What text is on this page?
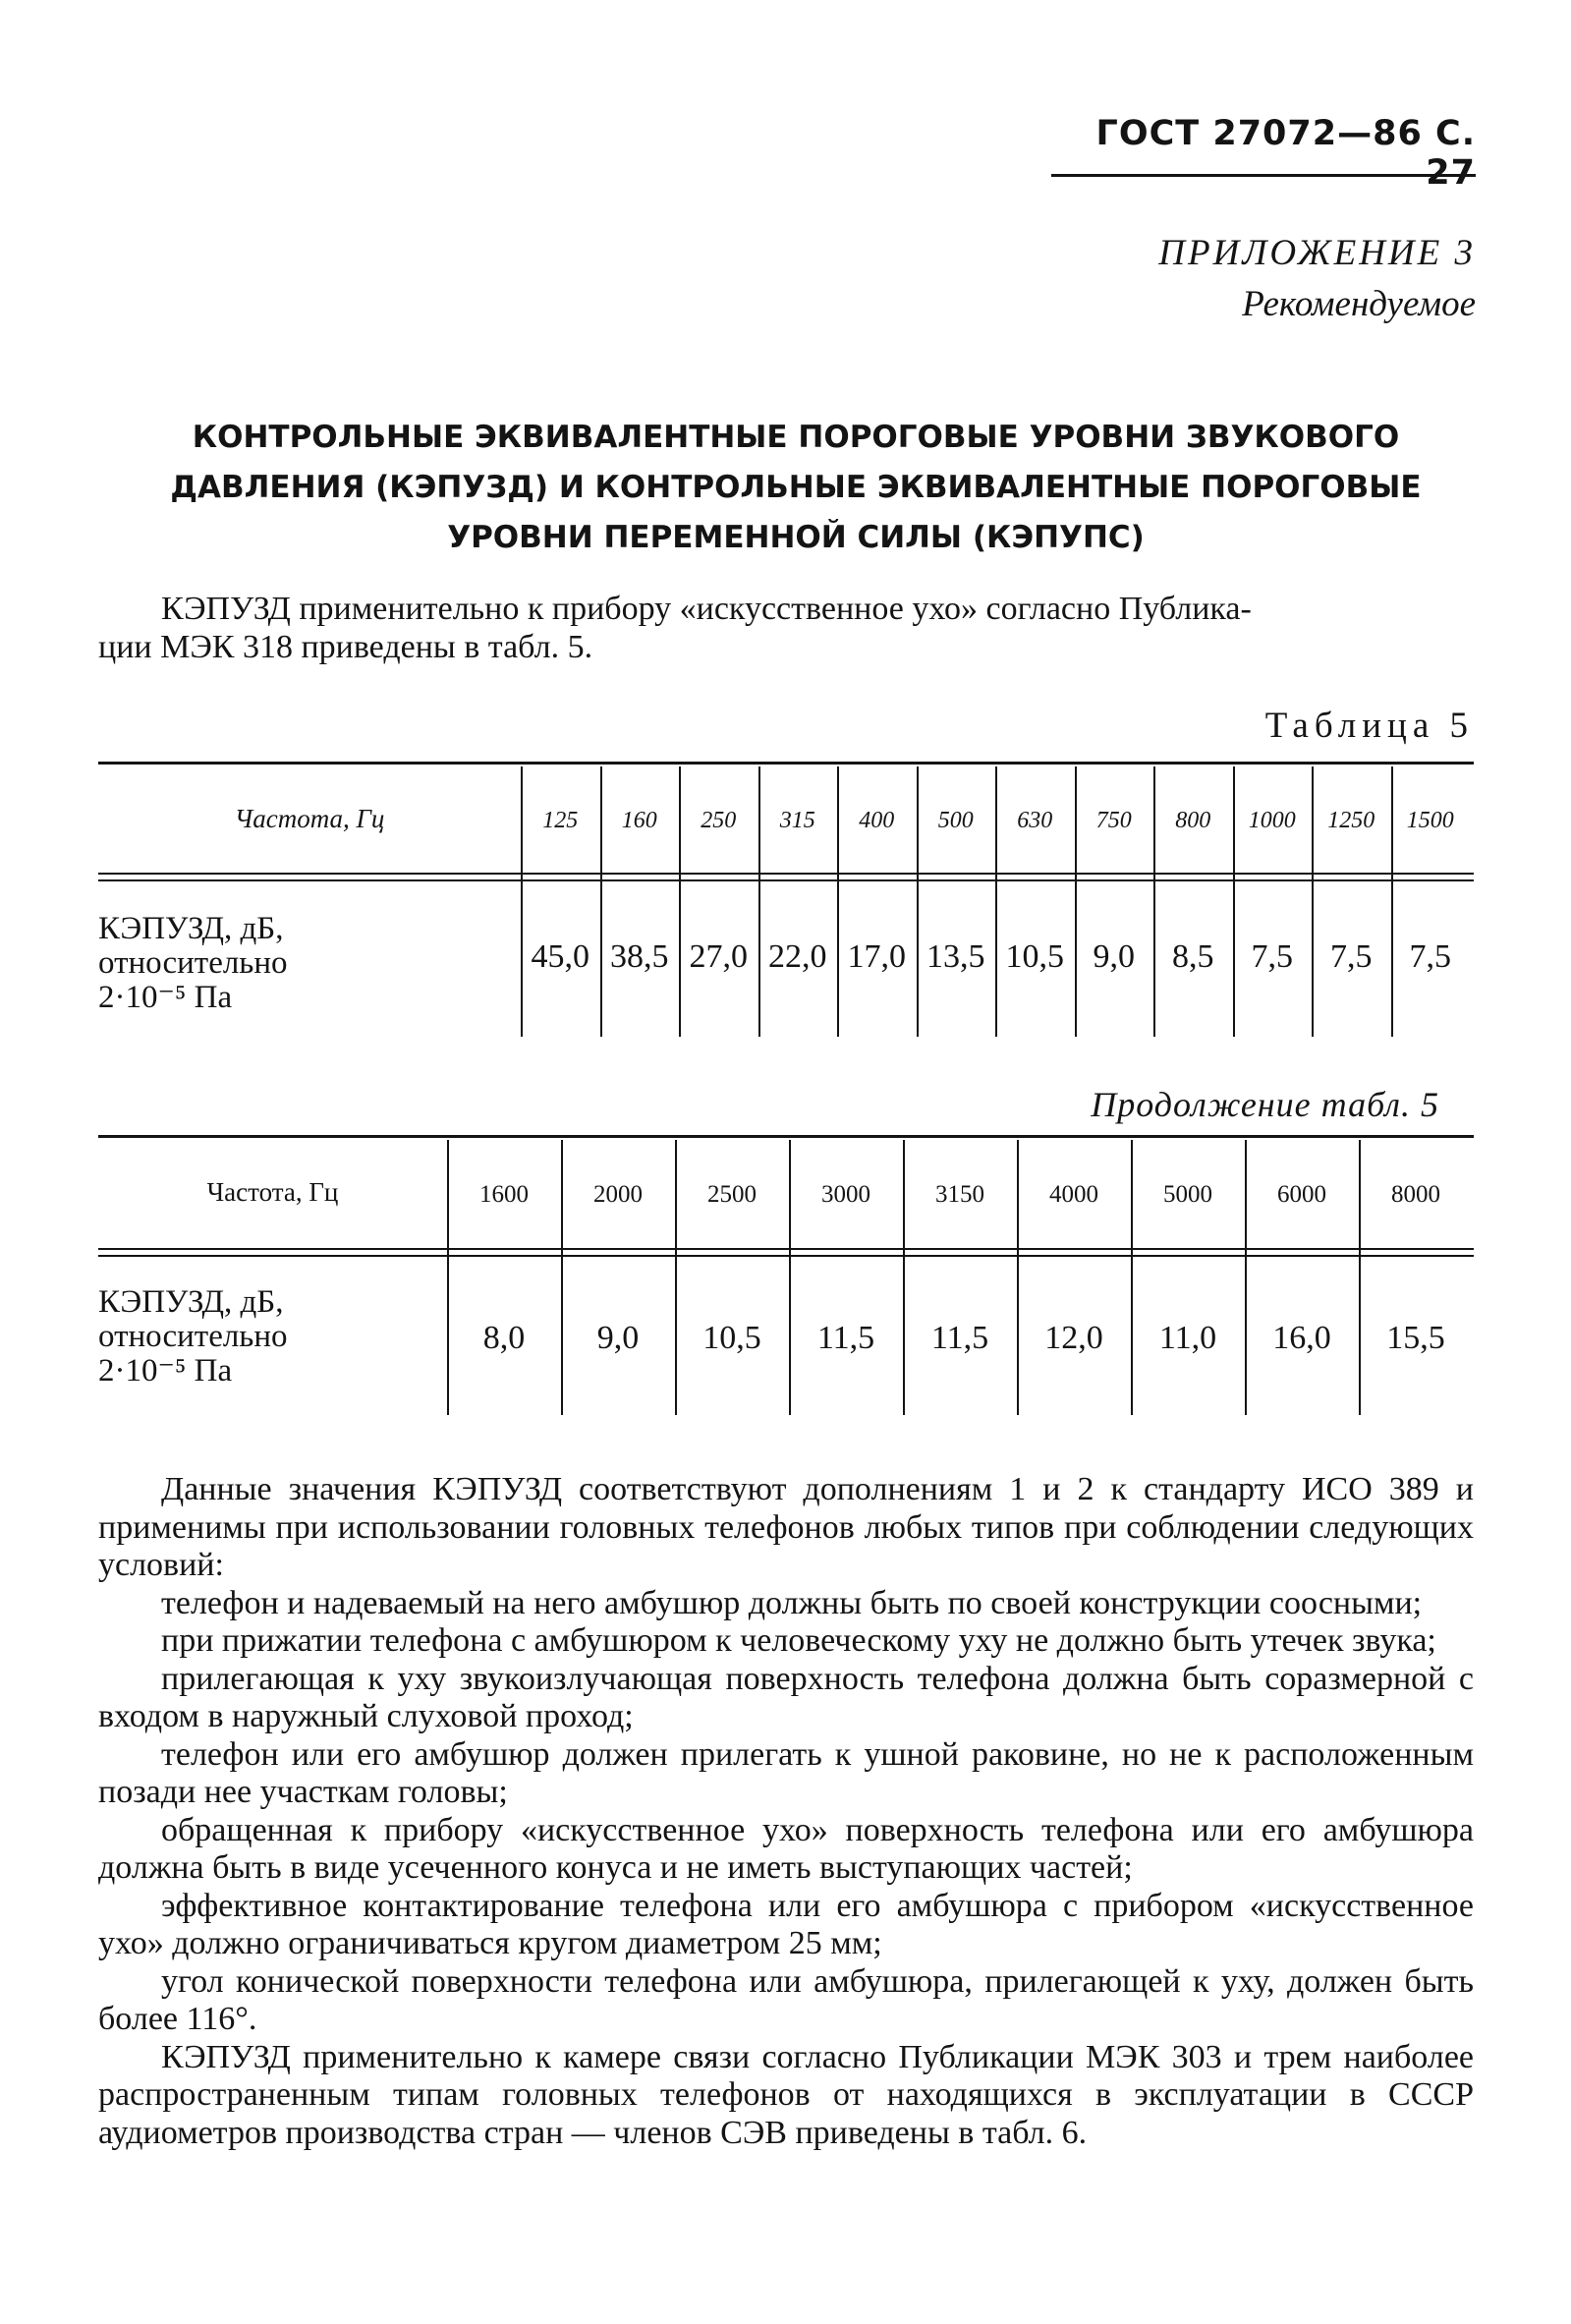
ГОСТ 27072—86 С. 27
ПРИЛОЖЕНИЕ 3
Рекомендуемое
КОНТРОЛЬНЫЕ ЭКВИВАЛЕНТНЫЕ ПОРОГОВЫЕ УРОВНИ ЗВУКОВОГО
ДАВЛЕНИЯ (КЭПУЗД) И КОНТРОЛЬНЫЕ ЭКВИВАЛЕНТНЫЕ ПОРОГОВЫЕ
УРОВНИ ПЕРЕМЕННОЙ СИЛЫ (КЭПУПС)
КЭПУЗД применительно к прибору «искусственное ухо» согласно Публика-
ции МЭК 318 приведены в табл. 5.
Таблица 5
Частота, Гц
КЭПУЗД, дБ,
относительно
2·10⁻⁵ Па
125
45,0
160
38,5
250
27,0
315
22,0
400
17,0
500
13,5
630
10,5
750
9,0
800
8,5
1000
7,5
1250
7,5
1500
7,5
Продолжение табл. 5
Частота, Гц
КЭПУЗД, дБ,
относительно
2·10⁻⁵ Па
1600
8,0
2000
9,0
2500
10,5
3000
11,5
3150
11,5
4000
12,0
5000
11,0
6000
16,0
8000
15,5

Данные значения КЭПУЗД соответствуют дополнениям 1 и 2 к стандарту ИСО 389 и применимы при использовании головных телефонов любых типов при соблюдении следующих условий:

телефон и надеваемый на него амбушюр должны быть по своей конструкции соосными;

при прижатии телефона с амбушюром к человеческому уху не должно быть утечек звука;

прилегающая к уху звукоизлучающая поверхность телефона должна быть соразмерной с входом в наружный слуховой проход;

телефон или его амбушюр должен прилегать к ушной раковине, но не к расположенным позади нее участкам головы;

обращенная к прибору «искусственное ухо» поверхность телефона или его амбушюра должна быть в виде усеченного конуса и не иметь выступающих частей;

эффективное контактирование телефона или его амбушюра с прибором «искусственное ухо» должно ограничиваться кругом диаметром 25 мм;

угол конической поверхности телефона или амбушюра, прилегающей к уху, должен быть более 116°.

КЭПУЗД применительно к камере связи согласно Публикации МЭК 303 и трем наиболее распространенным типам головных телефонов от находящихся в эксплуатации в СССР аудиометров производства стран — членов СЭВ приведены в табл. 6.
